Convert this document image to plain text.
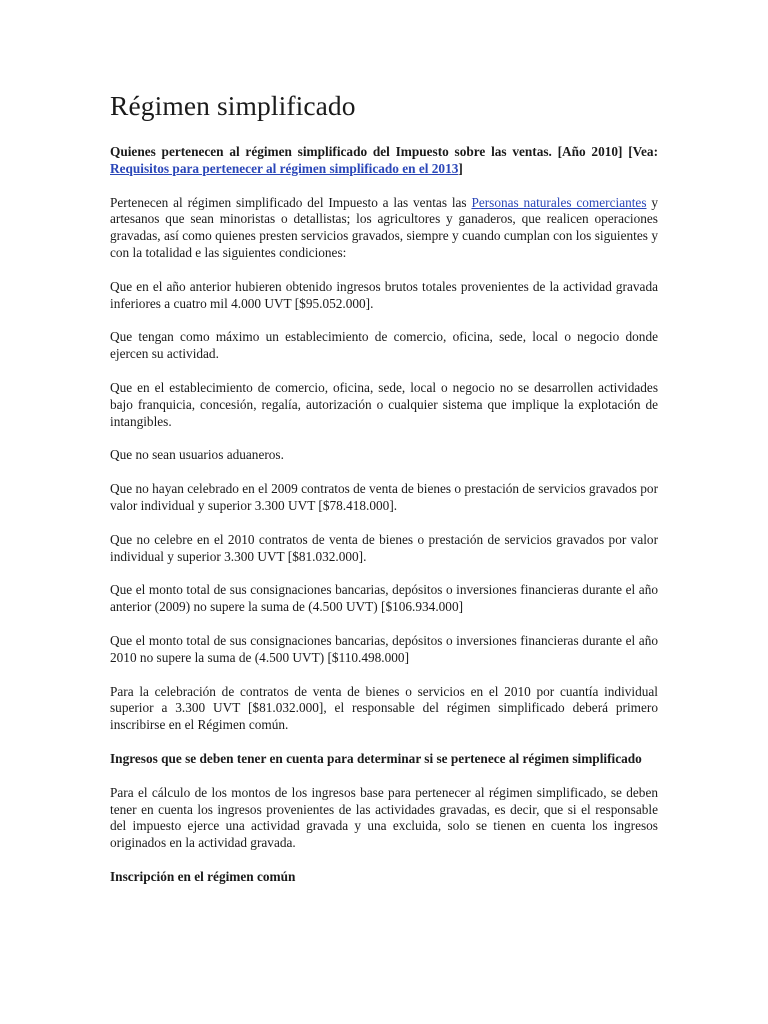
Régimen simplificado

Quienes pertenecen al régimen simplificado del Impuesto sobre las ventas. [Año 2010] [Vea: Requisitos para pertenecer al régimen simplificado en el 2013]

Pertenecen al régimen simplificado del Impuesto a las ventas las Personas naturales comerciantes y artesanos que sean minoristas o detallistas; los agricultores y ganaderos, que realicen operaciones gravadas, así como quienes presten servicios gravados, siempre y cuando cumplan con los siguientes y con la totalidad e las siguientes condiciones:

Que en el año anterior hubieren obtenido ingresos brutos totales provenientes de la actividad gravada inferiores a cuatro mil 4.000 UVT [$95.052.000].

Que tengan como máximo un establecimiento de comercio, oficina, sede, local o negocio donde ejercen su actividad.

Que en el establecimiento de comercio, oficina, sede, local o negocio no se desarrollen actividades bajo franquicia, concesión, regalía, autorización o cualquier sistema que implique la explotación de intangibles.

Que no sean usuarios aduaneros.

Que no hayan celebrado en el 2009 contratos de venta de bienes o prestación de servicios gravados por valor individual y superior 3.300 UVT [$78.418.000].

Que no celebre en el 2010 contratos de venta de bienes o prestación de servicios gravados por valor individual y superior 3.300 UVT [$81.032.000].

Que el monto total de sus consignaciones bancarias, depósitos o inversiones financieras durante el año anterior (2009) no supere la suma de (4.500 UVT) [$106.934.000]

Que el monto total de sus consignaciones bancarias, depósitos o inversiones financieras durante el año 2010 no supere la suma de (4.500 UVT) [$110.498.000]

Para la celebración de contratos de venta de bienes o servicios en el 2010 por cuantía individual superior a 3.300 UVT [$81.032.000], el responsable del régimen simplificado deberá primero inscribirse en el Régimen común.

Ingresos que se deben tener en cuenta para determinar si se pertenece al régimen simplificado

Para el cálculo de los montos de los ingresos base para pertenecer al régimen simplificado, se deben tener en cuenta los ingresos provenientes de las actividades gravadas, es decir, que si el responsable del impuesto ejerce una actividad gravada y una excluida, solo se tienen en cuenta los ingresos originados en la actividad gravada.

Inscripción en el régimen común
